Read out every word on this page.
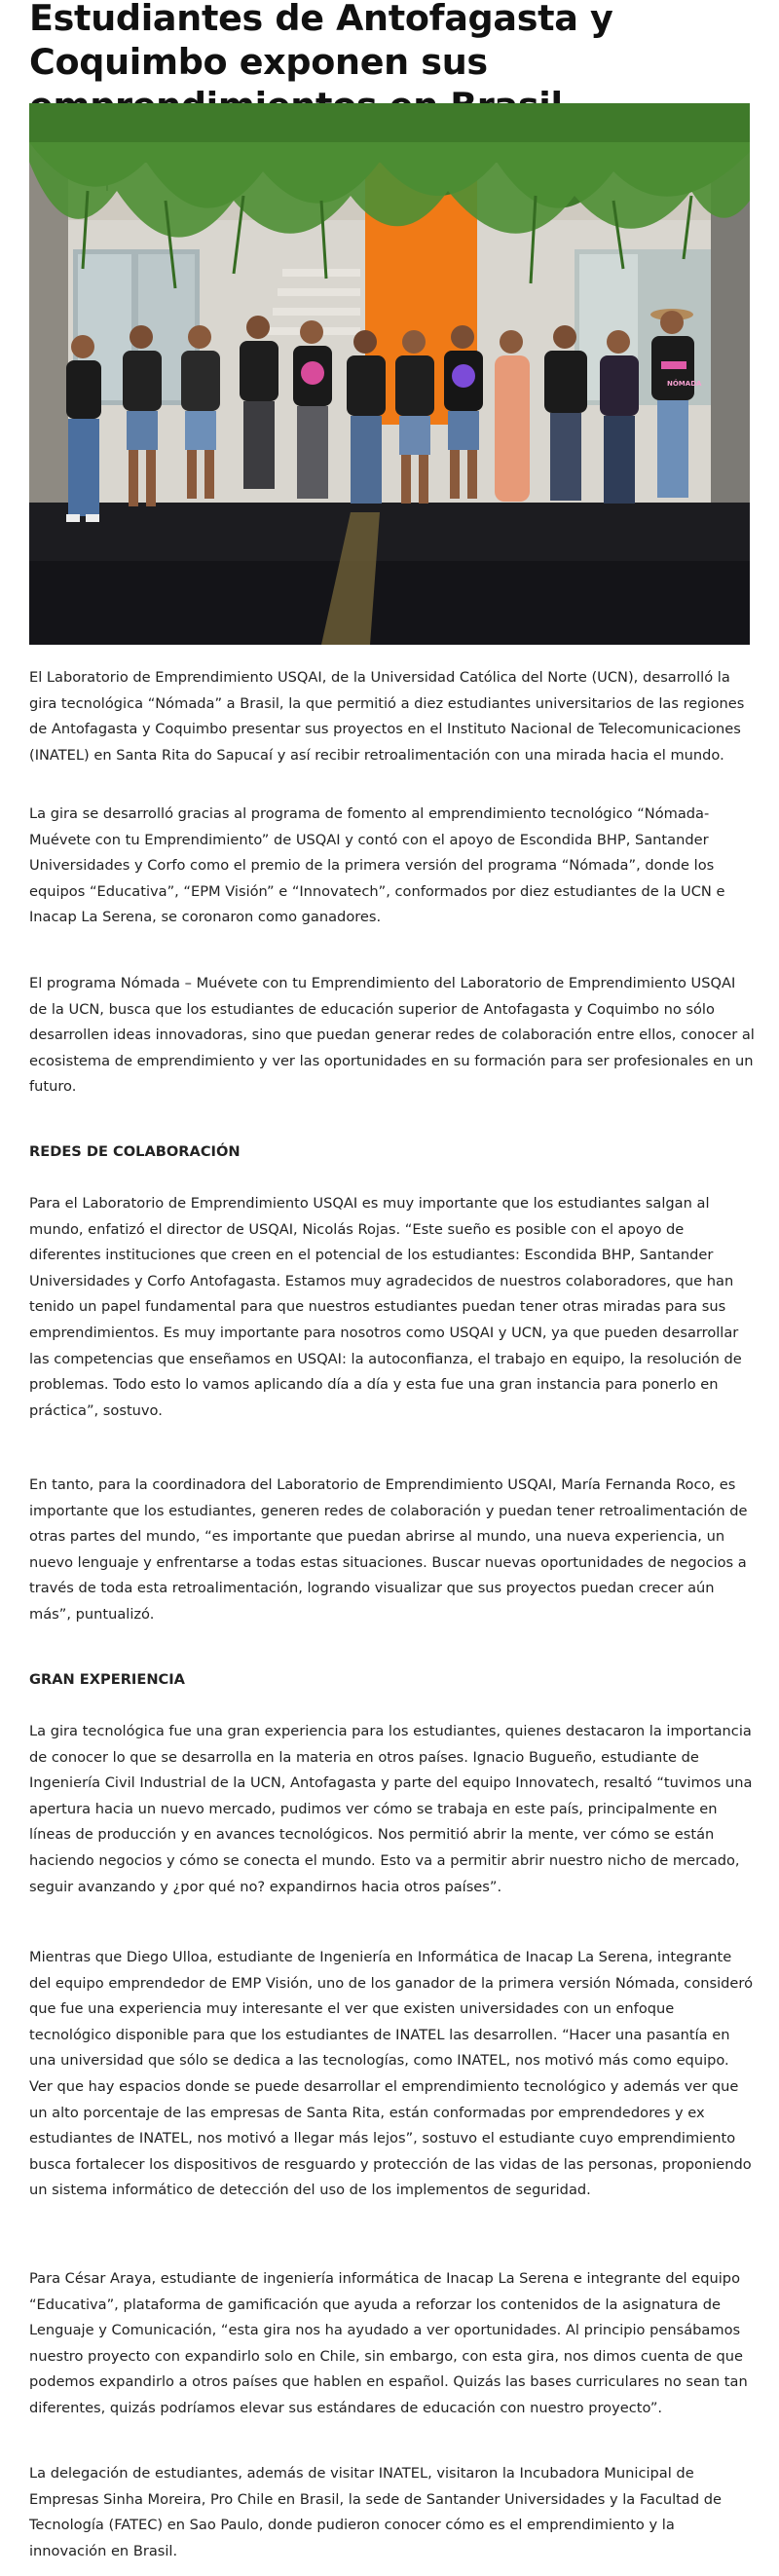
Estudiantes de Antofagasta y Coquimbo exponen sus
NÓMADA

El Laboratorio de Emprendimiento USQAI, de la Universidad Católica del Norte (UCN), desarrolló la gira tecnológica “Nómada” a Brasil, la que permitió a diez estudiantes universitarios de las regiones de Antofagasta y Coquimbo presentar sus proyectos en el Instituto Nacional de Telecomunicaciones (INATEL) en Santa Rita do Sapucaí y así recibir retroalimentación con una mirada hacia el mundo.

La gira se desarrolló gracias al programa de fomento al emprendimiento tecnológico “Nómada-Muévete con tu Emprendimiento” de USQAI y contó con el apoyo de Escondida BHP, Santander Universidades y Corfo como el premio de la primera versión del programa “Nómada”, donde los equipos “Educativa”, “EPM Visión” e “Innovatech”, conformados por diez estudiantes de la UCN e Inacap La Serena, se coronaron como ganadores.

El programa Nómada – Muévete con tu Emprendimiento del Laboratorio de Emprendimiento USQAI de la UCN, busca que los estudiantes de educación superior de Antofagasta y Coquimbo no sólo desarrollen ideas innovadoras, sino que puedan generar redes de colaboración entre ellos, conocer al ecosistema de emprendimiento y ver las oportunidades en su formación para ser profesionales en un futuro.

REDES DE COLABORACIÓN

Para el Laboratorio de Emprendimiento USQAI es muy importante que los estudiantes salgan al mundo, enfatizó el director de USQAI, Nicolás Rojas. “Este sueño es posible con el apoyo de diferentes instituciones que creen en el potencial de los estudiantes: Escondida BHP, Santander Universidades y Corfo Antofagasta. Estamos muy agradecidos de nuestros colaboradores, que han tenido un papel fundamental para que nuestros estudiantes puedan tener otras miradas para sus emprendimientos. Es muy importante para nosotros como USQAI y UCN, ya que pueden desarrollar las competencias que enseñamos en USQAI: la autoconfianza, el trabajo en equipo, la resolución de problemas. Todo esto lo vamos aplicando día a día y esta fue una gran instancia para ponerlo en práctica”, sostuvo.

En tanto, para la coordinadora del Laboratorio de Emprendimiento USQAI, María Fernanda Roco, es importante que los estudiantes, generen redes de colaboración y puedan tener retroalimentación de otras partes del mundo, “es importante que puedan abrirse al mundo, una nueva experiencia, un nuevo lenguaje y enfrentarse a todas estas situaciones. Buscar nuevas oportunidades de negocios a través de toda esta retroalimentación, logrando visualizar que sus proyectos puedan crecer aún más”, puntualizó.

GRAN EXPERIENCIA

La gira tecnológica fue una gran experiencia para los estudiantes, quienes destacaron la importancia de conocer lo que se desarrolla en la materia en otros países. Ignacio Bugueño, estudiante de Ingeniería Civil Industrial de la UCN, Antofagasta y parte del equipo Innovatech, resaltó “tuvimos una apertura hacia un nuevo mercado, pudimos ver cómo se trabaja en este país, principalmente en líneas de producción y en avances tecnológicos. Nos permitió abrir la mente, ver cómo se están haciendo negocios y cómo se conecta el mundo. Esto va a permitir abrir nuestro nicho de mercado, seguir avanzando y ¿por qué no? expandirnos hacia otros países”.

Mientras que Diego Ulloa, estudiante de Ingeniería en Informática de Inacap La Serena, integrante del equipo emprendedor de EMP Visión, uno de los ganador de la primera versión Nómada, consideró que fue una experiencia muy interesante el ver que existen universidades con un enfoque tecnológico disponible para que los estudiantes de INATEL las desarrollen. “Hacer una pasantía en una universidad que sólo se dedica a las tecnologías, como INATEL, nos motivó más como equipo. Ver que hay espacios donde se puede desarrollar el emprendimiento tecnológico y además ver que un alto porcentaje de las empresas de Santa Rita, están conformadas por emprendedores y ex estudiantes de INATEL, nos motivó a llegar más lejos”, sostuvo el estudiante cuyo emprendimiento busca fortalecer los dispositivos de resguardo y protección de las vidas de las personas, proponiendo un sistema informático de detección del uso de los implementos de seguridad.

Para César Araya, estudiante de ingeniería informática de Inacap La Serena e integrante del equipo “Educativa”, plataforma de gamificación que ayuda a reforzar los contenidos de la asignatura de Lenguaje y Comunicación, “esta gira nos ha ayudado a ver oportunidades. Al principio pensábamos nuestro proyecto con expandirlo solo en Chile, sin embargo, con esta gira, nos dimos cuenta de que podemos expandirlo a otros países que hablen en español. Quizás las bases curriculares no sean tan diferentes, quizás podríamos elevar sus estándares de educación con nuestro proyecto”.

La delegación de estudiantes, además de visitar INATEL, visitaron la Incubadora Municipal de Empresas Sinha Moreira, Pro Chile en Brasil, la sede de Santander Universidades y la Facultad de Tecnología (FATEC) en Sao Paulo, donde pudieron conocer cómo es el emprendimiento y la innovación en Brasil.
